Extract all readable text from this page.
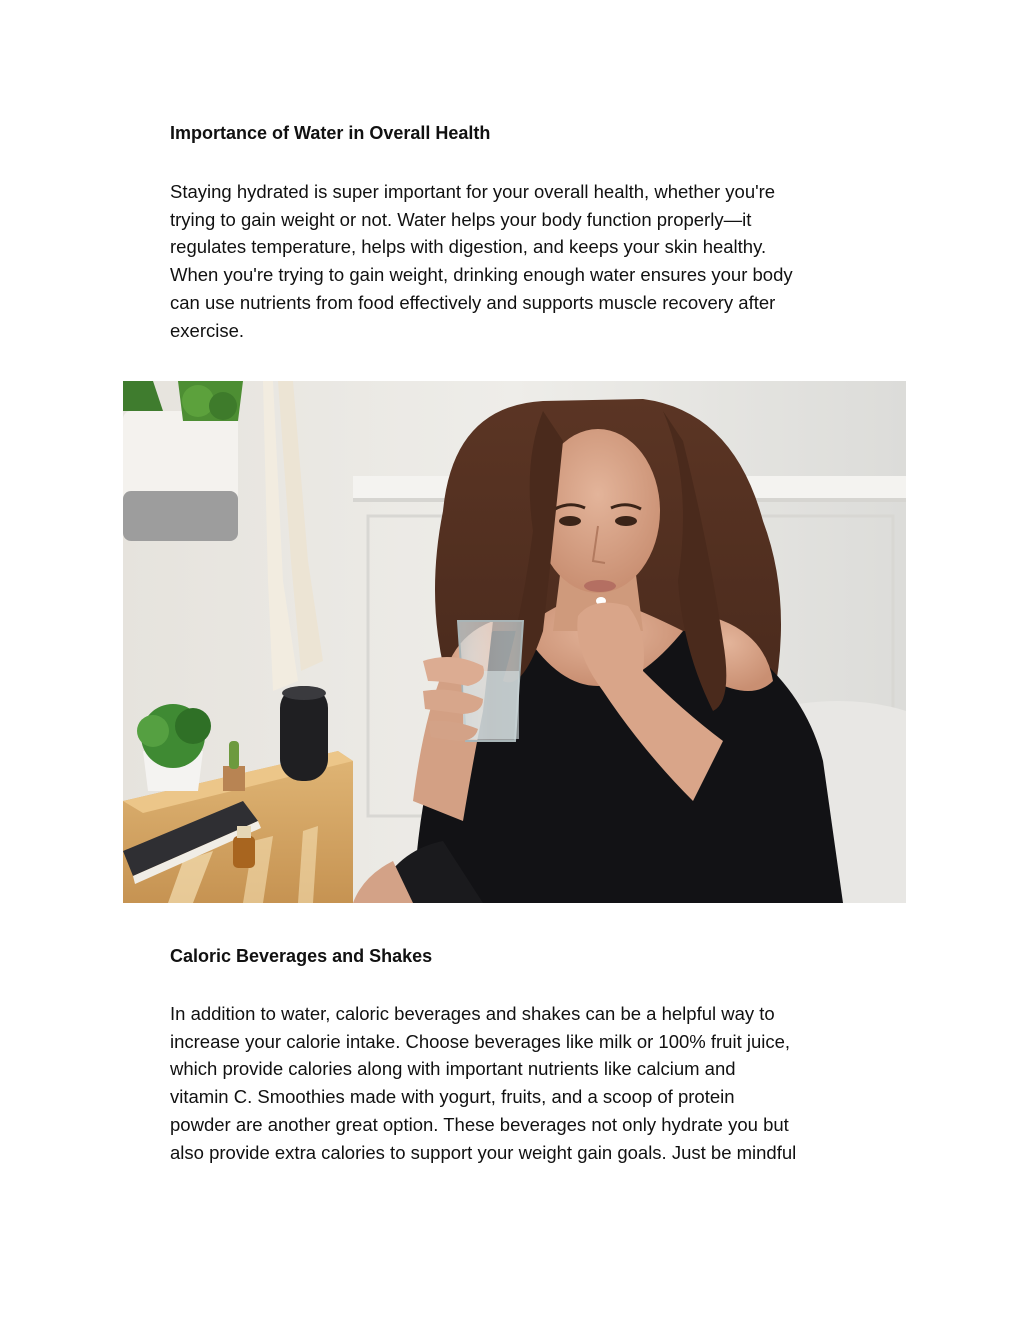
Importance of Water in Overall Health

Staying hydrated is super important for your overall health, whether you're
trying to gain weight or not. Water helps your body function properly—it
regulates temperature, helps with digestion, and keeps your skin healthy.
When you're trying to gain weight, drinking enough water ensures your body
can use nutrients from food effectively and supports muscle recovery after
exercise.

Caloric Beverages and Shakes

In addition to water, caloric beverages and shakes can be a helpful way to
increase your calorie intake. Choose beverages like milk or 100% fruit juice,
which provide calories along with important nutrients like calcium and
vitamin C. Smoothies made with yogurt, fruits, and a scoop of protein
powder are another great option. These beverages not only hydrate you but
also provide extra calories to support your weight gain goals. Just be mindful
